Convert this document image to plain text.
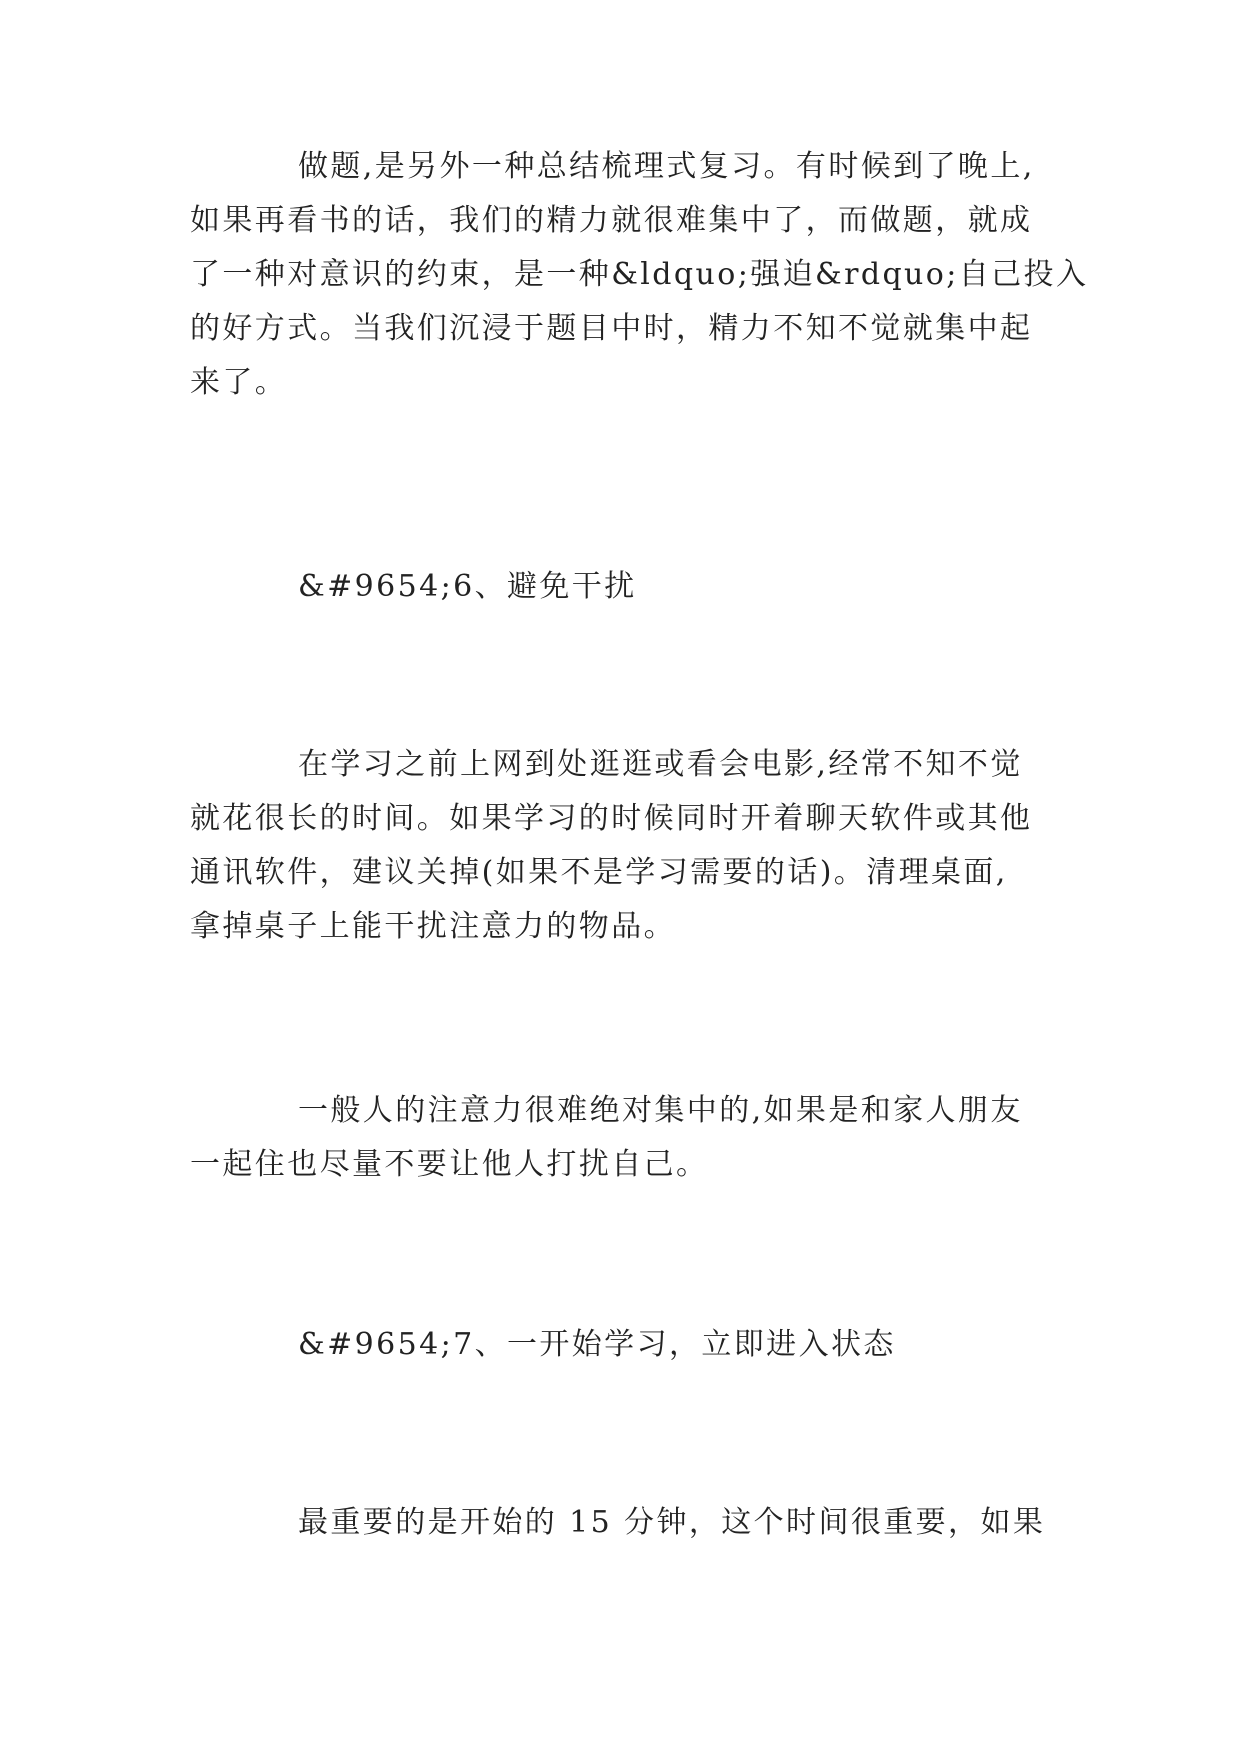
做题,是另外一种总结梳理式复习。有时候到了晚上,
如果再看书的话，我们的精力就很难集中了，而做题，就成
了一种对意识的约束，是一种&ldquo;强迫&rdquo;自己投入
的好方式。当我们沉浸于题目中时，精力不知不觉就集中起
来了。
&#9654;6、避免干扰
在学习之前上网到处逛逛或看会电影,经常不知不觉
就花很长的时间。如果学习的时候同时开着聊天软件或其他
通讯软件，建议关掉(如果不是学习需要的话)。清理桌面,
拿掉桌子上能干扰注意力的物品。
一般人的注意力很难绝对集中的,如果是和家人朋友
一起住也尽量不要让他人打扰自己。
&#9654;7、一开始学习，立即进入状态
最重要的是开始的 15 分钟，这个时间很重要，如果
